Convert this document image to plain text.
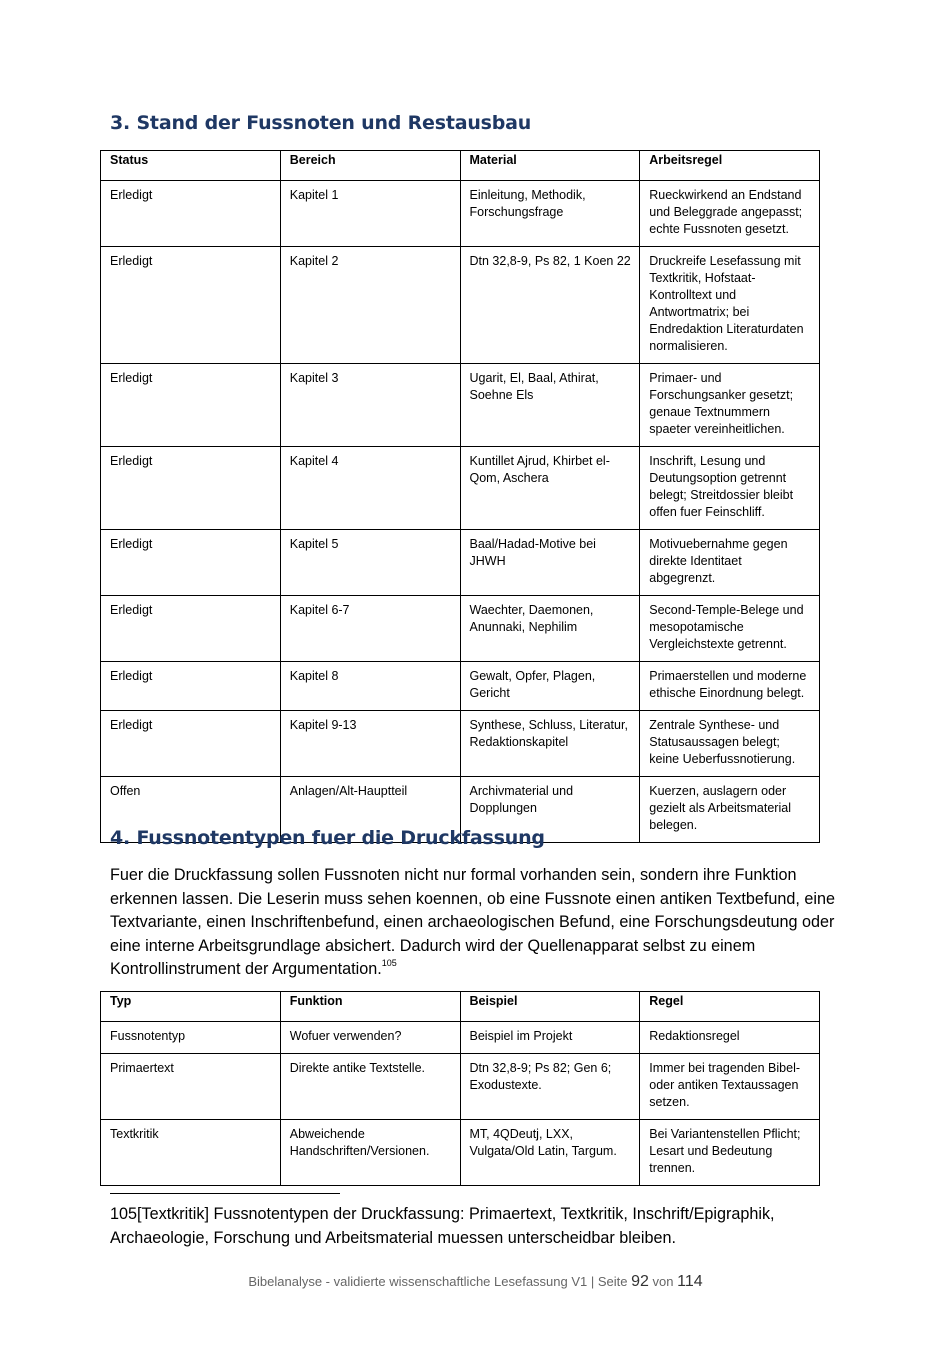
3. Stand der Fussnoten und Restausbau
Status	Bereich	Material	Arbeitsregel
Erledigt	Kapitel 1	Einleitung, Methodik, Forschungsfrage	Rueckwirkend an Endstand und Beleggrade angepasst; echte Fussnoten gesetzt.
Erledigt	Kapitel 2	Dtn 32,8-9, Ps 82, 1 Koen 22	Druckreife Lesefassung mit Textkritik, Hofstaat-Kontrolltext und Antwortmatrix; bei Endredaktion Literaturdaten normalisieren.
Erledigt	Kapitel 3	Ugarit, El, Baal, Athirat, Soehne Els	Primaer- und Forschungsanker gesetzt; genaue Textnummern spaeter vereinheitlichen.
Erledigt	Kapitel 4	Kuntillet Ajrud, Khirbet el-Qom, Aschera	Inschrift, Lesung und Deutungsoption getrennt belegt; Streitdossier bleibt offen fuer Feinschliff.
Erledigt	Kapitel 5	Baal/Hadad-Motive bei JHWH	Motivuebernahme gegen direkte Identitaet abgegrenzt.
Erledigt	Kapitel 6-7	Waechter, Daemonen, Anunnaki, Nephilim	Second-Temple-Belege und mesopotamische Vergleichstexte getrennt.
Erledigt	Kapitel 8	Gewalt, Opfer, Plagen, Gericht	Primaerstellen und moderne ethische Einordnung belegt.
Erledigt	Kapitel 9-13	Synthese, Schluss, Literatur, Redaktionskapitel	Zentrale Synthese- und Statusaussagen belegt; keine Ueberfussnotierung.
Offen	Anlagen/Alt-Hauptteil	Archivmaterial und Dopplungen	Kuerzen, auslagern oder gezielt als Arbeitsmaterial belegen.
4. Fussnotentypen fuer die Druckfassung

Fuer die Druckfassung sollen Fussnoten nicht nur formal vorhanden sein, sondern ihre Funktion erkennen lassen. Die Leserin muss sehen koennen, ob eine Fussnote einen antiken Textbefund, eine Textvariante, einen Inschriftenbefund, einen archaeologischen Befund, eine Forschungsdeutung oder eine interne Arbeitsgrundlage absichert. Dadurch wird der Quellenapparat selbst zu einem Kontrollinstrument der Argumentation.$^{105}$

Typ	Funktion	Beispiel	Regel
Fussnotentyp	Wofuer verwenden?	Beispiel im Projekt	Redaktionsregel
Primaertext	Direkte antike Textstelle.	Dtn 32,8-9; Ps 82; Gen 6; Exodustexte.	Immer bei tragenden Bibel- oder antiken Textaussagen setzen.
Textkritik	Abweichende Handschriften/Versionen.	MT, 4QDeutj, LXX, Vulgata/Old Latin, Targum.	Bei Variantenstellen Pflicht; Lesart und Bedeutung trennen.

105[Textkritik] Fussnotentypen der Druckfassung: Primaertext, Textkritik, Inschrift/Epigraphik, Archaeologie, Forschung und Arbeitsmaterial muessen unterscheidbar bleiben.

Bibelanalyse - validierte wissenschaftliche Lesefassung V1 | Seite 92 von 114
